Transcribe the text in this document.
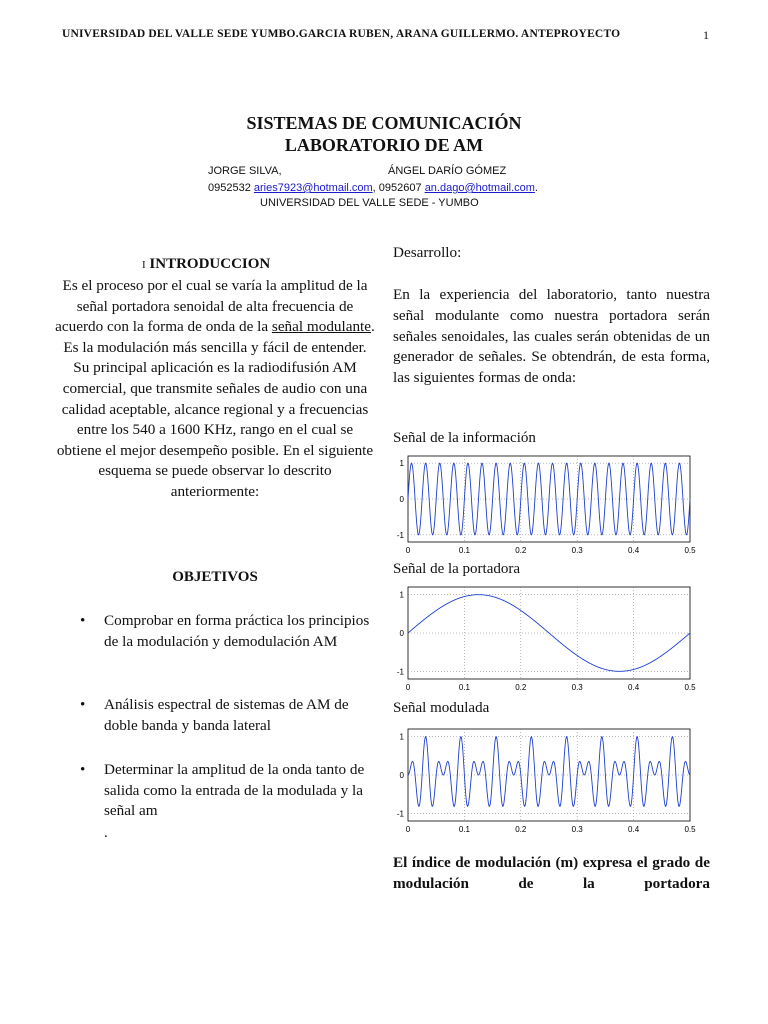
UNIVERSIDAD DEL VALLE SEDE YUMBO.GARCIA RUBEN, ARANA GUILLERMO. ANTEPROYECTO	1
SISTEMAS DE COMUNICACIÓN
LABORATORIO DE AM
JORGE SILVA,	ÁNGEL DARÍO GÓMEZ
0952532 aries7923@hotmail.com, 0952607 an.dago@hotmail.com.
UNIVERSIDAD DEL VALLE SEDE - YUMBO
I INTRODUCCION
Es el proceso por el cual se varía la amplitud de la señal portadora senoidal de alta frecuencia de acuerdo con la forma de onda de la señal modulante. Es la modulación más sencilla y fácil de entender. Su principal aplicación es la radiodifusión AM comercial, que transmite señales de audio con una calidad aceptable, alcance regional y a frecuencias entre los 540 a 1600 KHz, rango en el cual se obtiene el mejor desempeño posible. En el siguiente esquema se puede observar lo descrito anteriormente:
OBJETIVOS
• Comprobar en forma práctica los principios de la modulación y demodulación AM
• Análisis espectral de sistemas de AM de doble banda y banda lateral
• Determinar la amplitud de la onda tanto de salida como la entrada de la modulada y la señal am
.
Desarrollo:
En la experiencia del laboratorio, tanto nuestra señal modulante como nuestra portadora serán señales senoidales, las cuales serán obtenidas de un generador de señales. Se obtendrán, de esta forma, las siguientes formas de onda:
Señal de la información
1
0
-1
0	0.1	0.2	0.3	0.4	0.5
Señal de la portadora
1
0
-1
0	0.1	0.2	0.3	0.4	0.5
Señal modulada
1
0
-1
0	0.1	0.2	0.3	0.4	0.5
El índice de modulación (m) expresa el grado de modulación de la portadora
